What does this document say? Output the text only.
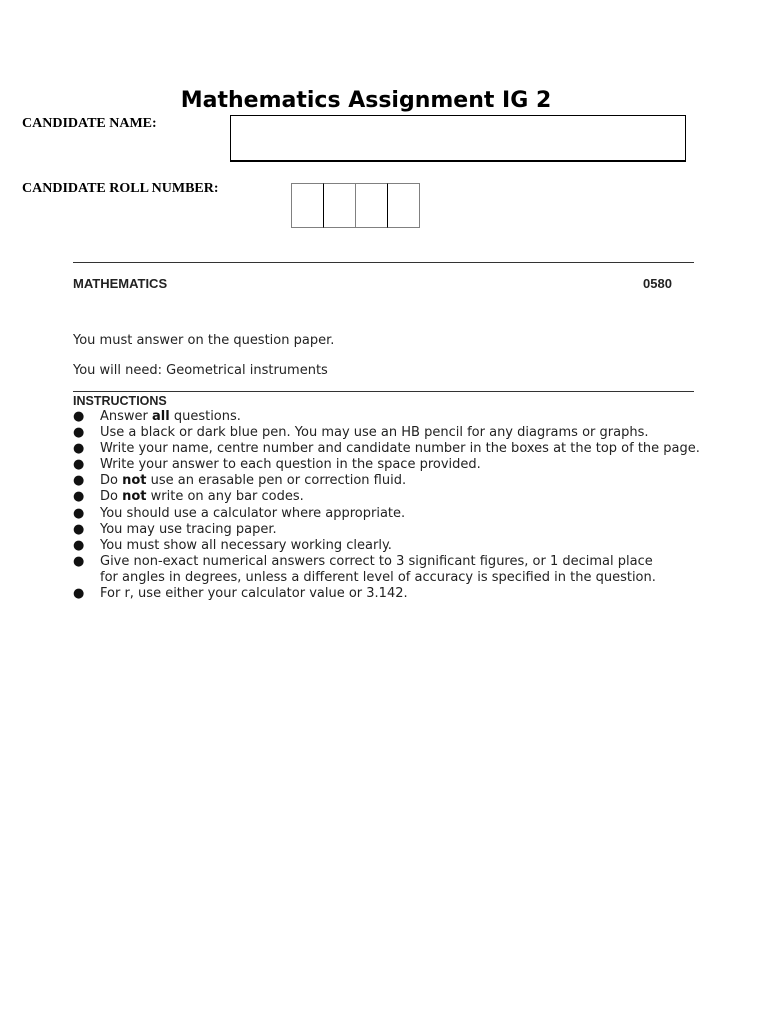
Mathematics Assignment IG 2
CANDIDATE NAME:
CANDIDATE ROLL NUMBER:
MATHEMATICS	0580
You must answer on the question paper.
You will need: Geometrical instruments
INSTRUCTIONS
● Answer all questions.
● Use a black or dark blue pen. You may use an HB pencil for any diagrams or graphs.
● Write your name, centre number and candidate number in the boxes at the top of the page.
● Write your answer to each question in the space provided.
● Do not use an erasable pen or correction fluid.
● Do not write on any bar codes.
● You should use a calculator where appropriate.
● You may use tracing paper.
● You must show all necessary working clearly.
● Give non-exact numerical answers correct to 3 significant figures, or 1 decimal place
for angles in degrees, unless a different level of accuracy is specified in the question.
● For r, use either your calculator value or 3.142.
